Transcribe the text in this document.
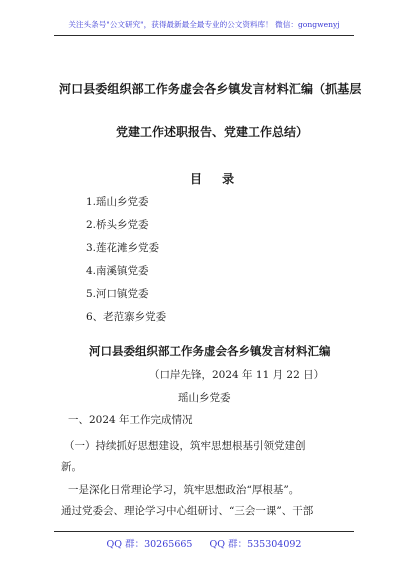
关注头条号"公文研究"，获得最新最全最专业的公文资料库！ 微信：gongwenyj
河口县委组织部工作务虚会各乡镇发言材料汇编（抓基层
党建工作述职报告、党建工作总结）
目 录
1.瑶山乡党委
2.桥头乡党委
3.莲花滩乡党委
4.南溪镇党委
5.河口镇党委
6、老范寨乡党委
河口县委组织部工作务虚会各乡镇发言材料汇编
（口岸先锋，2024 年 11 月 22 日）
瑶山乡党委
一、2024 年工作完成情况
（一）持续抓好思想建设，筑牢思想根基引领党建创
新。
一是深化日常理论学习，筑牢思想政治“厚根基”。
通过党委会、理论学习中心组研讨、“三会一课”、干部
QQ 群：30265665 QQ 群：535304092
